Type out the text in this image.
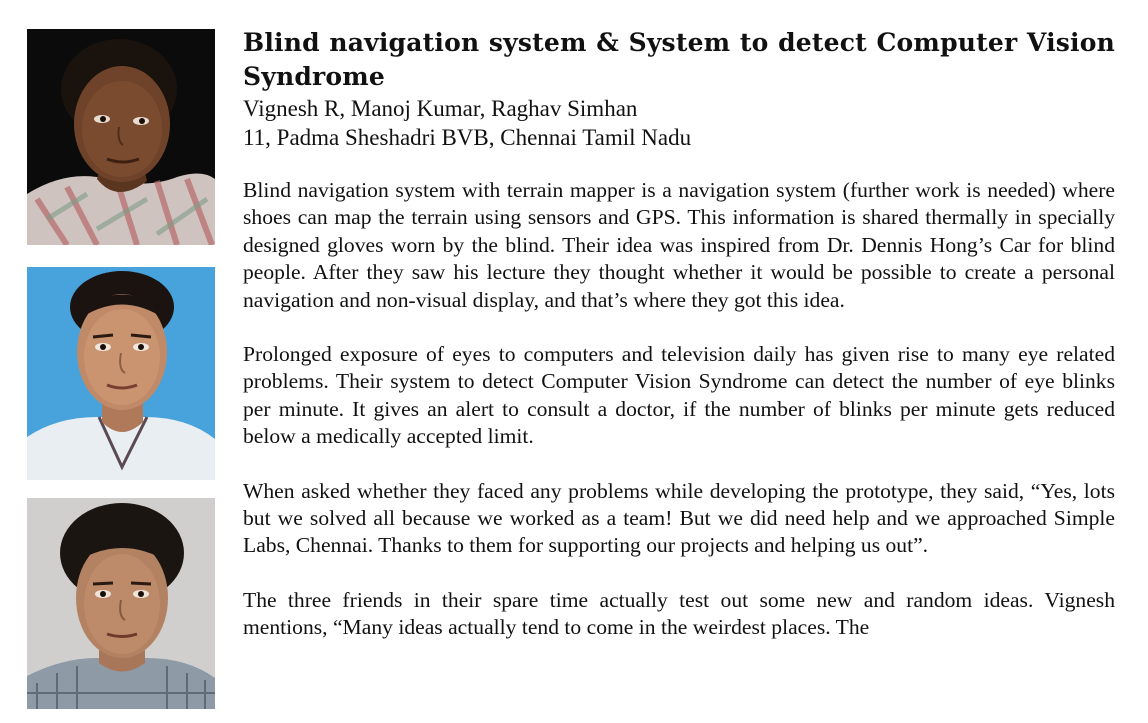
Blind navigation system & System to detect Computer Vision Syndrome
Vignesh R, Manoj Kumar, Raghav Simhan
11, Padma Sheshadri BVB, Chennai Tamil Nadu

Blind navigation system with terrain mapper is a navigation system (further work is needed) where shoes can map the terrain using sensors and GPS. This information is shared thermally in specially designed gloves worn by the blind. Their idea was inspired from Dr. Dennis Hong’s Car for blind people. After they saw his lecture they thought whether it would be possible to create a personal navigation and non-visual display, and that’s where they got this idea.

Prolonged exposure of eyes to computers and television daily has given rise to many eye related problems. Their system to detect Computer Vision Syndrome can detect the number of eye blinks per minute. It gives an alert to consult a doctor, if the number of blinks per minute gets reduced below a medically accepted limit.

When asked whether they faced any problems while developing the prototype, they said, “Yes, lots but we solved all because we worked as a team! But we did need help and we approached Simple Labs, Chennai. Thanks to them for supporting our projects and helping us out”.

The three friends in their spare time actually test out some new and random ideas. Vignesh mentions, “Many ideas actually tend to come in the weirdest places. The
